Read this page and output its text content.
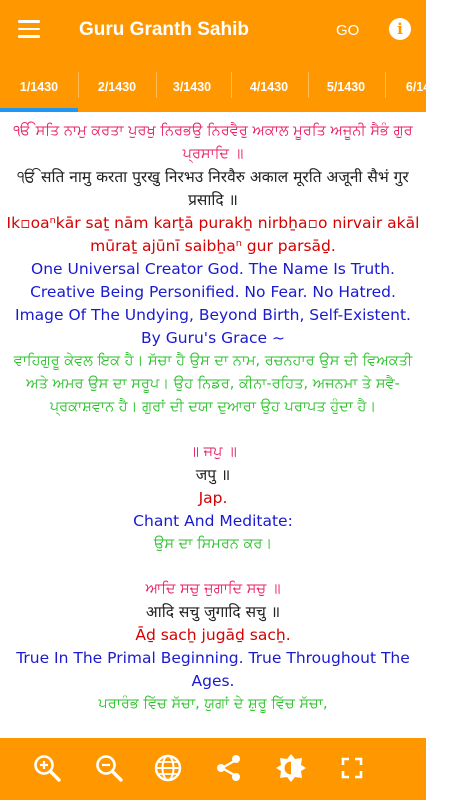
Guru Granth Sahib	GO	i
1/1430	2/1430	3/1430	4/1430	5/1430	6/1430

ੴ ਸਤਿ ਨਾਮੁ ਕਰਤਾ ਪੁਰਖੁ ਨਿਰਭਉ ਨਿਰਵੈਰੁ ਅਕਾਲ ਮੂਰਤਿ ਅਜੂਨੀ ਸੈਭੰ ਗੁਰ ਪ੍ਰਸਾਦਿ ॥

ੴ सति नामु करता पुरखु निरभउ निरवैरु अकाल मूरति अजूनी सैभं गुर प्रसादि ॥

Ik▫oaⁿkār saṯ nām karṯā purakẖ nirbẖa▫o nirvair akāl mūraṯ ajūnī saibẖaⁿ gur parsāḏ.

One Universal Creator God. The Name Is Truth. Creative Being Personified. No Fear. No Hatred. Image Of The Undying, Beyond Birth, Self-Existent. By Guru's Grace ~

ਵਾਹਿਗੁਰੂ ਕੇਵਲ ਇਕ ਹੈ। ਸੱਚਾ ਹੈ ਉਸ ਦਾ ਨਾਮ, ਰਚਨਹਾਰ ਉਸ ਦੀ ਵਿਅਕਤੀ ਅਤੇ ਅਮਰ ਉਸ ਦਾ ਸਰੂਪ। ਉਹ ਨਿਡਰ, ਕੀਨਾ-ਰਹਿਤ, ਅਜਨਮਾ ਤੇ ਸਵੈ-ਪ੍ਰਕਾਸ਼ਵਾਨ ਹੈ। ਗੁਰਾਂ ਦੀ ਦਯਾ ਦੁਆਰਾ ਉਹ ਪਰਾਪਤ ਹੁੰਦਾ ਹੈ।

॥ ਜਪੁ ॥

जपु ॥

Jap.

Chant And Meditate:

ਉਸ ਦਾ ਸਿਮਰਨ ਕਰ।

ਆਦਿ ਸਚੁ ਜੁਗਾਦਿ ਸਚੁ ॥

आदि सचु जुगादि सचु ॥

Āḏ sacẖ jugāḏ sacẖ.

True In The Primal Beginning. True Throughout The Ages.

ਪਰਾਰੰਭ ਵਿੱਚ ਸੱਚਾ, ਯੁਗਾਂ ਦੇ ਸ਼ੁਰੂ ਵਿੱਚ ਸੱਚਾ,
